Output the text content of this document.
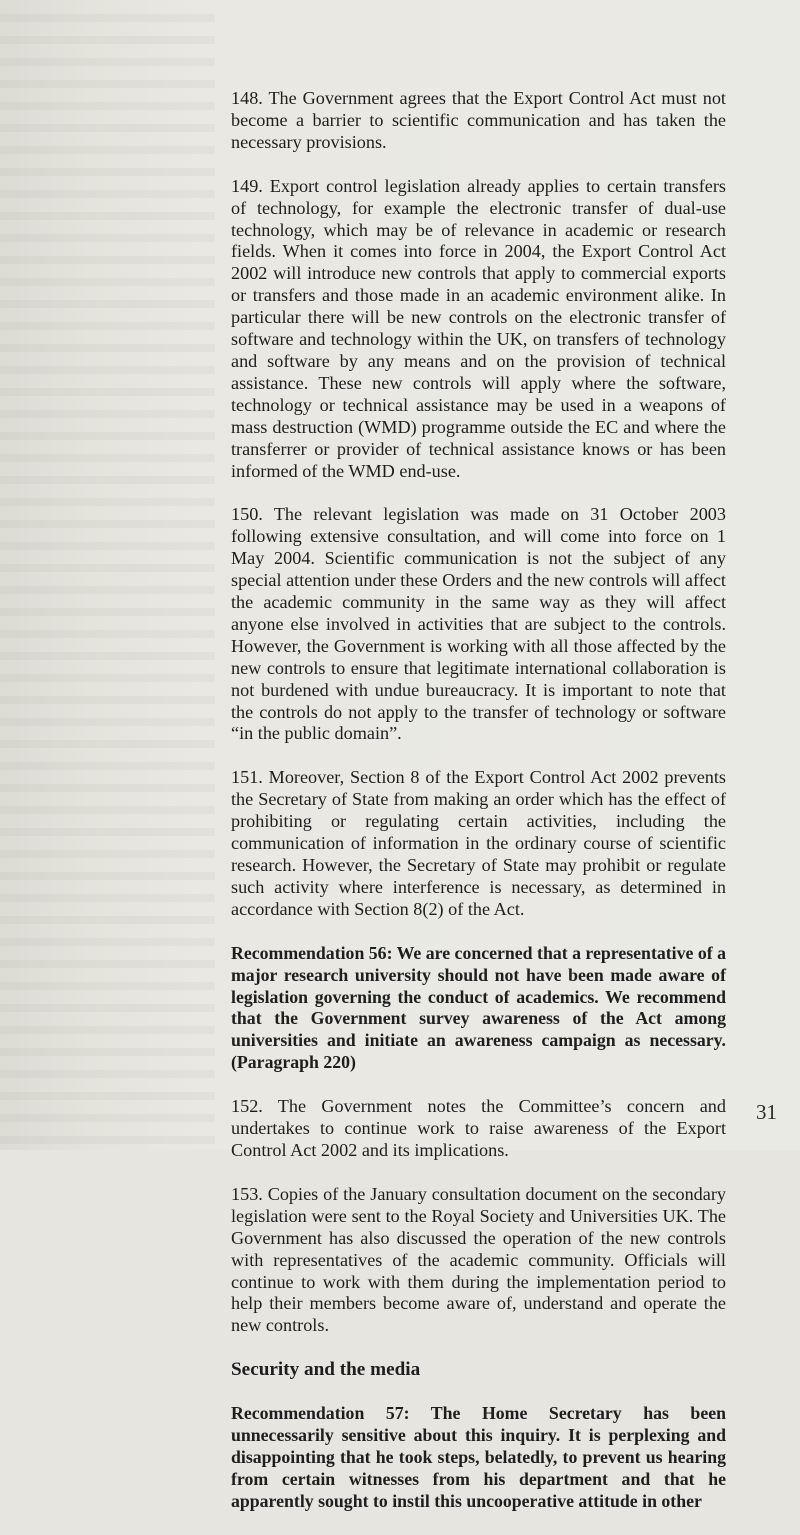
148. The Government agrees that the Export Control Act must not become a barrier to scientific communication and has taken the necessary provisions.

149. Export control legislation already applies to certain transfers of technology, for example the electronic transfer of dual-use technology, which may be of relevance in academic or research fields. When it comes into force in 2004, the Export Control Act 2002 will introduce new controls that apply to commercial exports or transfers and those made in an academic environment alike. In particular there will be new controls on the electronic transfer of software and technology within the UK, on transfers of technology and software by any means and on the provision of technical assistance. These new controls will apply where the software, technology or technical assistance may be used in a weapons of mass destruction (WMD) programme outside the EC and where the transferrer or provider of technical assistance knows or has been informed of the WMD end-use.

150. The relevant legislation was made on 31 October 2003 following extensive consultation, and will come into force on 1 May 2004. Scientific communication is not the subject of any special attention under these Orders and the new controls will affect the academic community in the same way as they will affect anyone else involved in activities that are subject to the controls. However, the Government is working with all those affected by the new controls to ensure that legitimate international collaboration is not burdened with undue bureaucracy. It is important to note that the controls do not apply to the transfer of technology or software “in the public domain”.

151. Moreover, Section 8 of the Export Control Act 2002 prevents the Secretary of State from making an order which has the effect of prohibiting or regulating certain activities, including the communication of information in the ordinary course of scientific research. However, the Secretary of State may prohibit or regulate such activity where interference is necessary, as determined in accordance with Section 8(2) of the Act.

Recommendation 56: We are concerned that a representative of a major research university should not have been made aware of legislation governing the conduct of academics. We recommend that the Government survey awareness of the Act among universities and initiate an awareness campaign as necessary. (Paragraph 220)

152. The Government notes the Committee’s concern and undertakes to continue work to raise awareness of the Export Control Act 2002 and its implications.

153. Copies of the January consultation document on the secondary legislation were sent to the Royal Society and Universities UK. The Government has also discussed the operation of the new controls with representatives of the academic community. Officials will continue to work with them during the implementation period to help their members become aware of, understand and operate the new controls.

Security and the media

Recommendation 57: The Home Secretary has been unnecessarily sensitive about this inquiry. It is perplexing and disappointing that he took steps, belatedly, to prevent us hearing from certain witnesses from his department and that he apparently sought to instil this uncooperative attitude in other

31
